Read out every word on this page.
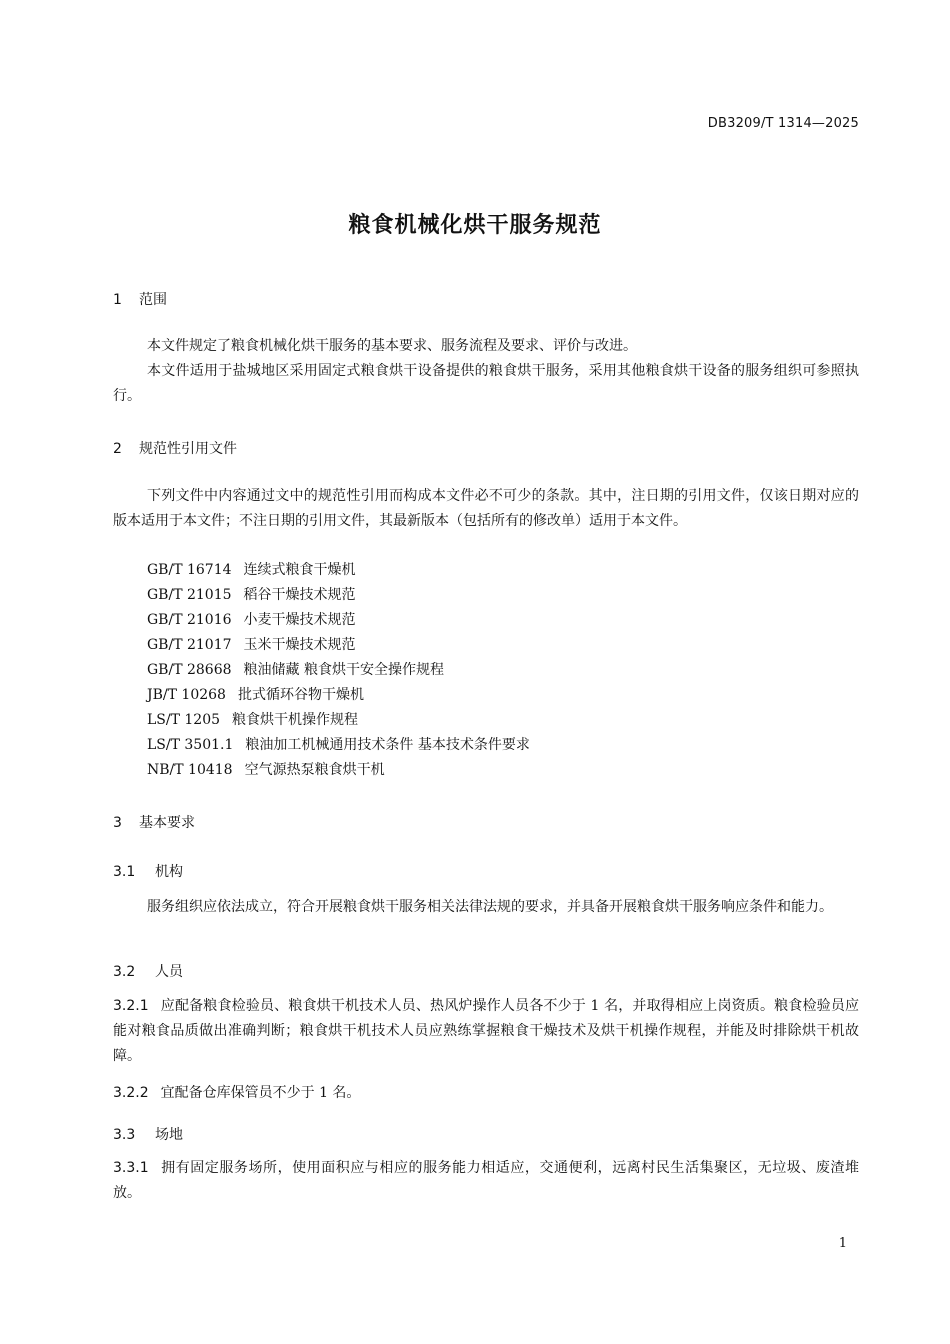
DB3209/T 1314—2025
粮食机械化烘干服务规范
1 范围
本文件规定了粮食机械化烘干服务的基本要求、服务流程及要求、评价与改进。
本文件适用于盐城地区采用固定式粮食烘干设备提供的粮食烘干服务，采用其他粮食烘干设备的服务组织可参照执行。
2 规范性引用文件
下列文件中内容通过文中的规范性引用而构成本文件必不可少的条款。其中，注日期的引用文件，仅该日期对应的版本适用于本文件；不注日期的引用文件，其最新版本（包括所有的修改单）适用于本文件。
GB/T 16714 连续式粮食干燥机
GB/T 21015 稻谷干燥技术规范
GB/T 21016 小麦干燥技术规范
GB/T 21017 玉米干燥技术规范
GB/T 28668 粮油储藏 粮食烘干安全操作规程
JB/T 10268 批式循环谷物干燥机
LS/T 1205 粮食烘干机操作规程
LS/T 3501.1 粮油加工机械通用技术条件 基本技术条件要求
NB/T 10418 空气源热泵粮食烘干机
3 基本要求
3.1 机构
服务组织应依法成立，符合开展粮食烘干服务相关法律法规的要求，并具备开展粮食烘干服务响应条件和能力。
3.2 人员
3.2.1 应配备粮食检验员、粮食烘干机技术人员、热风炉操作人员各不少于 1 名，并取得相应上岗资质。粮食检验员应能对粮食品质做出准确判断；粮食烘干机技术人员应熟练掌握粮食干燥技术及烘干机操作规程，并能及时排除烘干机故障。
3.2.2 宜配备仓库保管员不少于 1 名。
3.3 场地
3.3.1 拥有固定服务场所，使用面积应与相应的服务能力相适应，交通便利，远离村民生活集聚区，无垃圾、废渣堆放。
1
